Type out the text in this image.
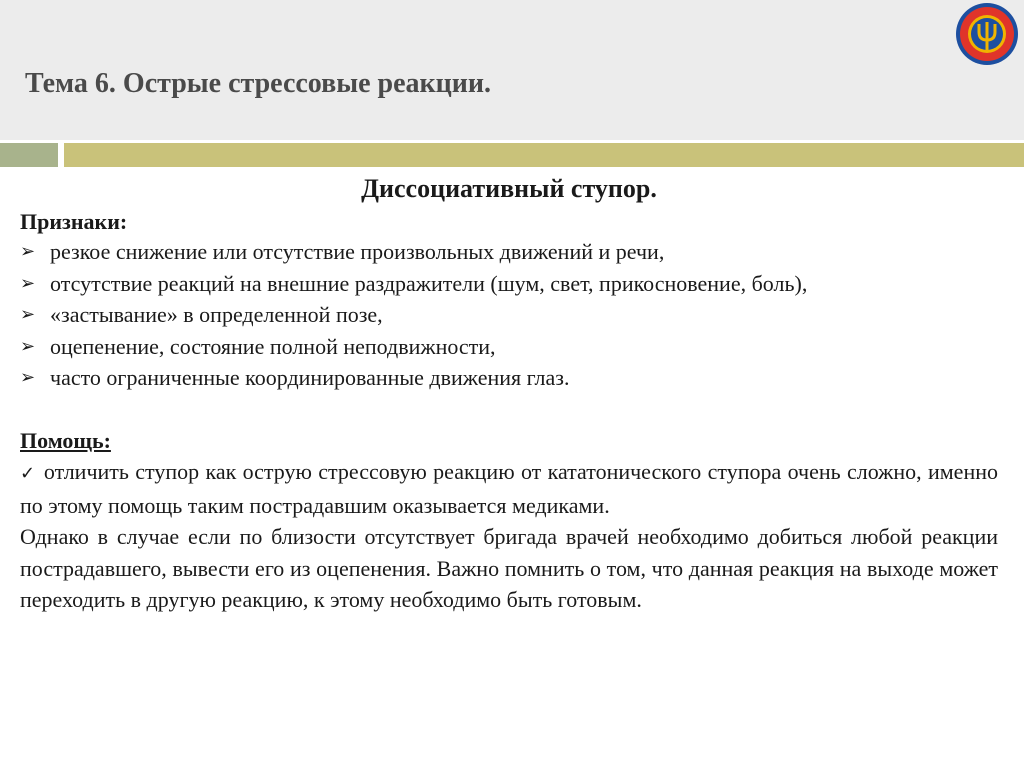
Тема 6. Острые стрессовые реакции.

Диссоциативный ступор.

Признаки:

➢ резкое снижение или отсутствие произвольных движений и речи,
➢ отсутствие реакций на внешние раздражители (шум, свет, прикосновение, боль),
➢ «застывание» в определенной позе,
➢ оцепенение, состояние полной неподвижности,
➢ часто ограниченные координированные движения глаз.

Помощь:

✓ отличить ступор как острую стрессовую реакцию от кататонического ступора очень сложно, именно по этому помощь таким пострадавшим оказывается медиками.

Однако в случае если по близости отсутствует бригада врачей необходимо добиться любой реакции пострадавшего, вывести его из оцепенения. Важно помнить о том, что данная реакция на выходе может переходить в другую реакцию, к этому необходимо быть готовым.
